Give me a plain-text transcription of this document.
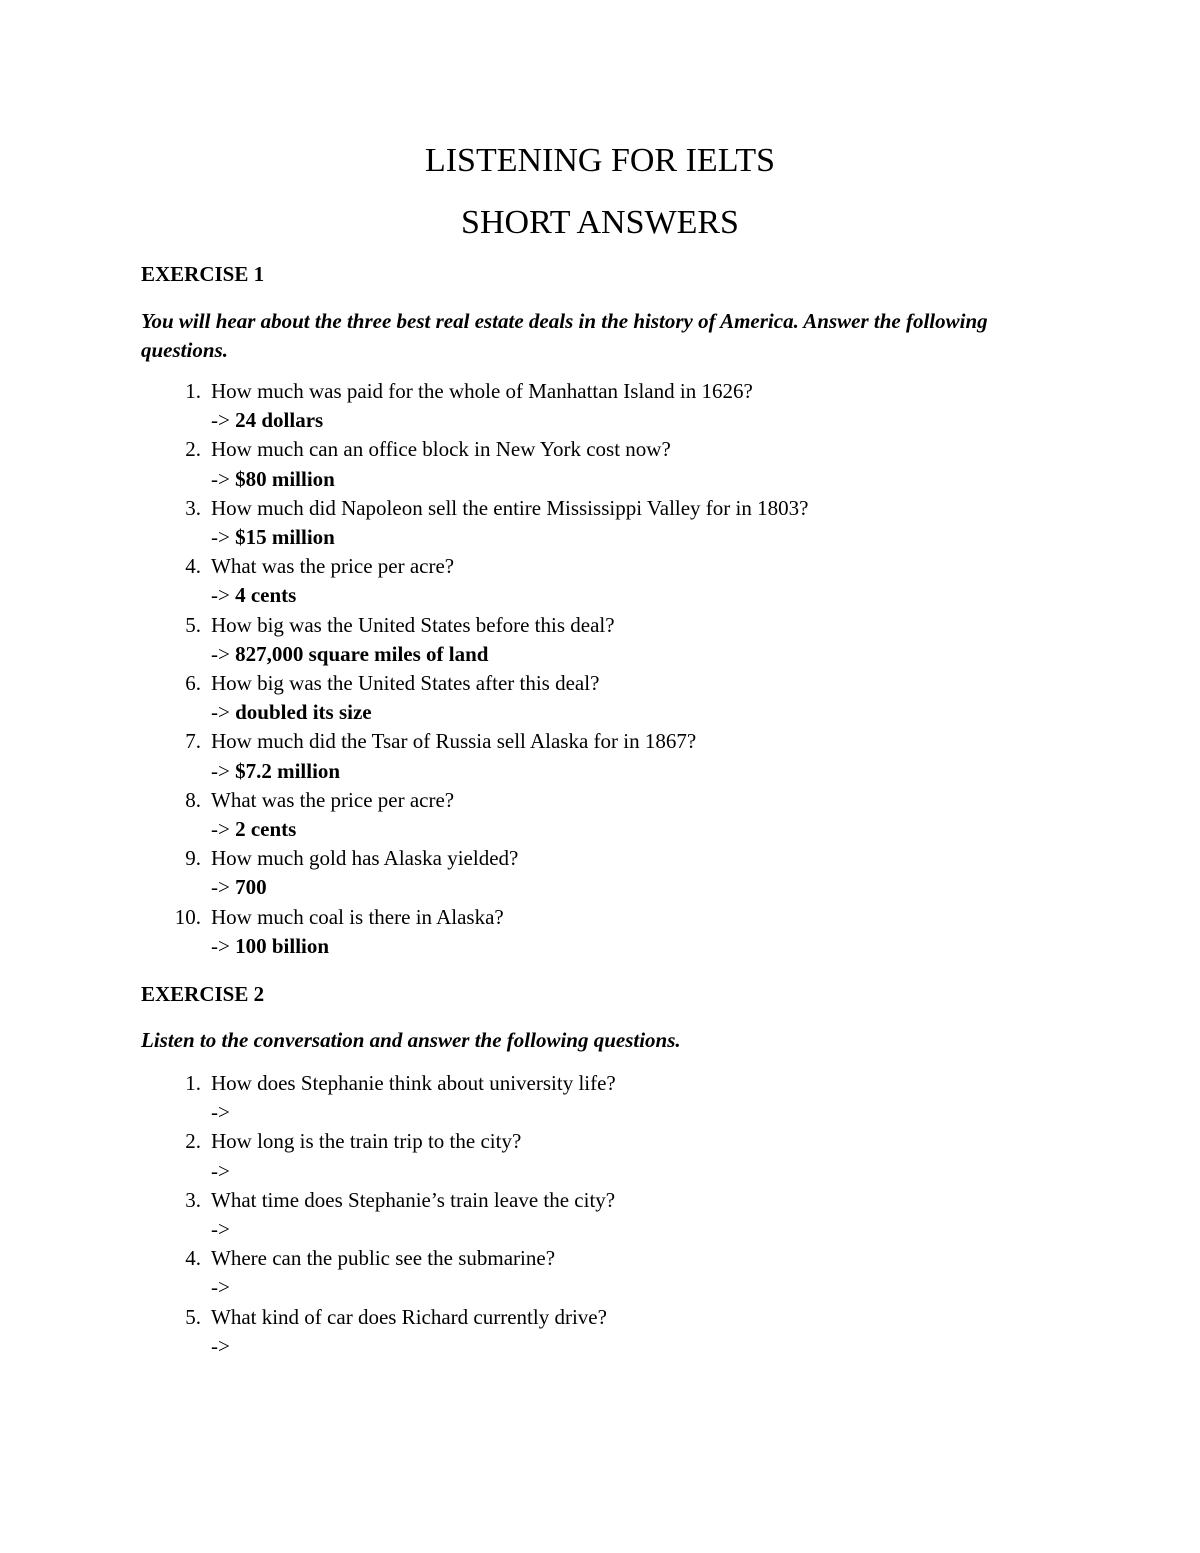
LISTENING FOR IELTS
SHORT ANSWERS
EXERCISE 1

You will hear about the three best real estate deals in the history of America. Answer the following questions.

1. How much was paid for the whole of Manhattan Island in 1626?
-> 24 dollars
2. How much can an office block in New York cost now?
-> $80 million
3. How much did Napoleon sell the entire Mississippi Valley for in 1803?
-> $15 million
4. What was the price per acre?
-> 4 cents
5. How big was the United States before this deal?
-> 827,000 square miles of land
6. How big was the United States after this deal?
-> doubled its size
7. How much did the Tsar of Russia sell Alaska for in 1867?
-> $7.2 million
8. What was the price per acre?
-> 2 cents
9. How much gold has Alaska yielded?
-> 700
10. How much coal is there in Alaska?
-> 100 billion
EXERCISE 2

Listen to the conversation and answer the following questions.

1. How does Stephanie think about university life?
->
2. How long is the train trip to the city?
->
3. What time does Stephanie’s train leave the city?
->
4. Where can the public see the submarine?
->
5. What kind of car does Richard currently drive?
->
